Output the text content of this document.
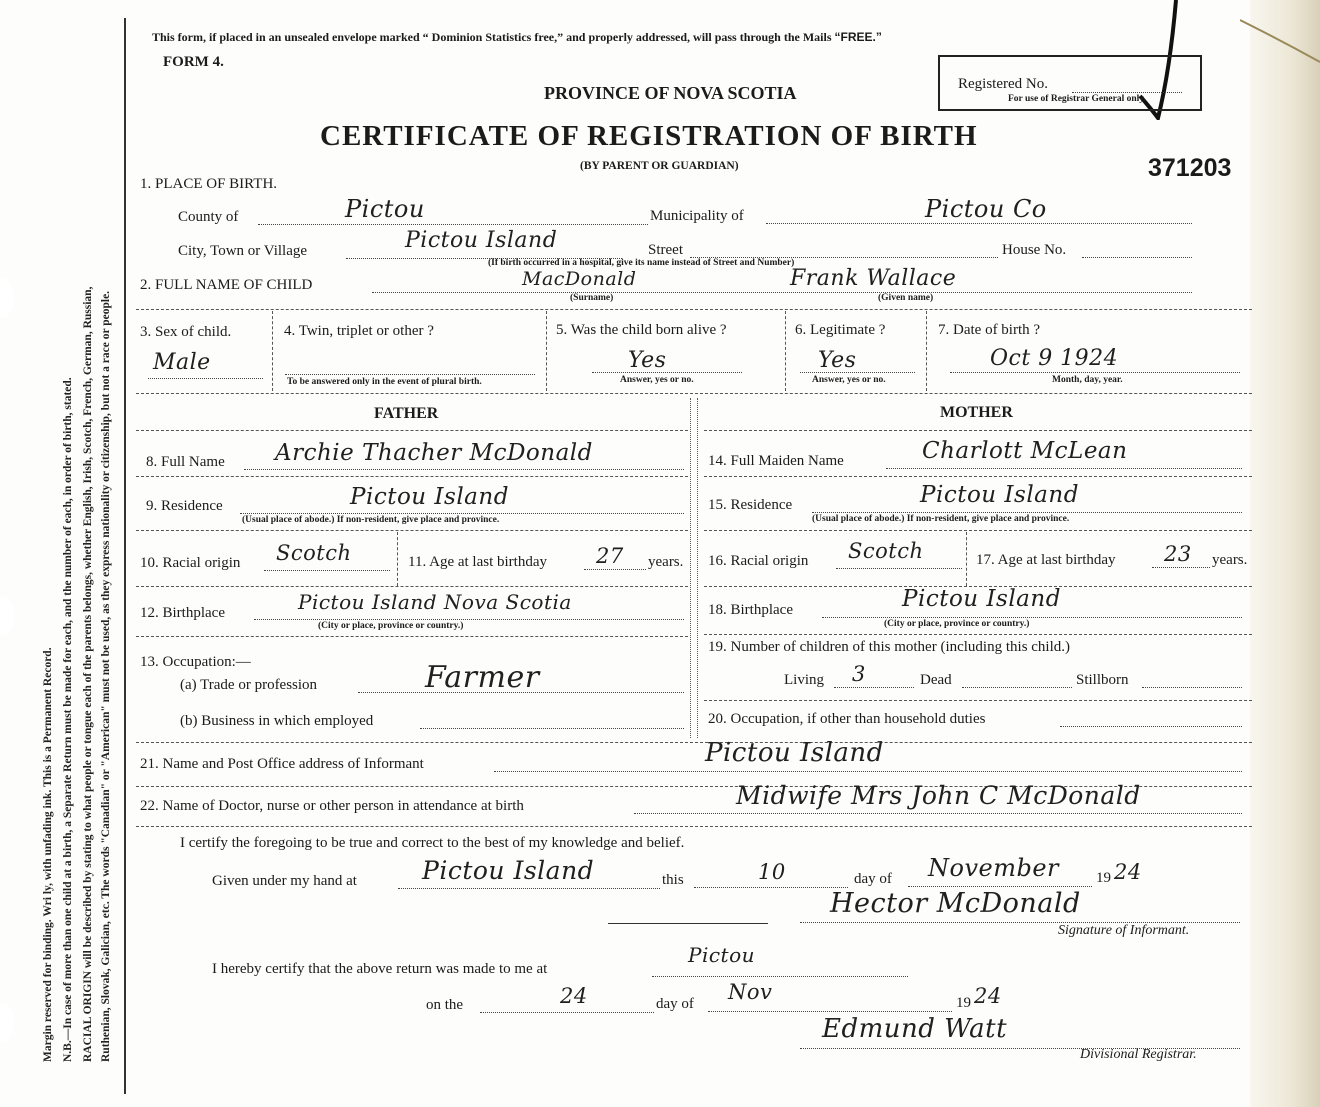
Margin reserved for binding. Wri ly, with unfading ink. This is a Permanent Record. N.B.—In case of more than one child at a birth, a Separate Return must be made for each, and the number of each, in order of birth, stated. RACIAL ORIGIN will be described by stating to what people or tongue each of the parents belongs, whether English, Irish, Scotch, French, German, Russian, Ruthenian, Slovak, Galician, etc. The words "Canadian" or "American" must not be used, as they express nationality or citizenship, but not a race or people.
This form, if placed in an unsealed envelope marked “ Dominion Statistics free,” and properly addressed, will pass through the Mails “FREE.”
FORM 4.
PROVINCE OF NOVA SCOTIA
CERTIFICATE OF REGISTRATION OF BIRTH
(BY PARENT OR GUARDIAN)	371203
Registered No.
For use of Registrar General only.
1. PLACE OF BIRTH.
County of	Pictou	Municipality of	Pictou Co
City, Town or Village	Pictou Island	Street	House No.
(If birth occurred in a hospital, give its name instead of Street and Number)
2. FULL NAME OF CHILD	MacDonald	Frank Wallace
(Surname)	(Given name)
3. Sex of child.
Male
4. Twin, triplet or other ?
To be answered only in the event of plural birth.
5. Was the child born alive ?
Yes
Answer, yes or no.
6. Legitimate ?
Yes
Answer, yes or no.
7. Date of birth ?
Oct 9 1924
Month, day, year.
FATHER	MOTHER
8. Full Name Archie Thacher McDonald
9. Residence	Pictou Island
(Usual place of abode.) If non-resident, give place and province.
10. Racial origin Scotch	11. Age at last birthday 27 years.
12. Birthplace	Pictou Island Nova Scotia
(City or place, province or country.)
13. Occupation:—
(a) Trade or profession	Farmer
(b) Business in which employed
14. Full Maiden Name	Charlott McLean
15. Residence	Pictou Island
(Usual place of abode.) If non-resident, give place and province.
16. Racial origin Scotch	17. Age at last birthday 23 years.
18. Birthplace	Pictou Island
(City or place, province or country.)
19. Number of children of this mother (including this child.)
Living 3	Dead	Stillborn
20. Occupation, if other than household duties
21. Name and Post Office address of Informant	Pictou Island
22. Name of Doctor, nurse or other person in attendance at birth	Midwife Mrs John C McDonald
I certify the foregoing to be true and correct to the best of my knowledge and belief.
Given under my hand at	Pictou Island	this	10	day of November 19 24
Hector McDonald
Signature of Informant.
I hereby certify that the above return was made to me at
Pictou
on the	24	day of Nov	19 24
Edmund Watt
Divisional Registrar.
